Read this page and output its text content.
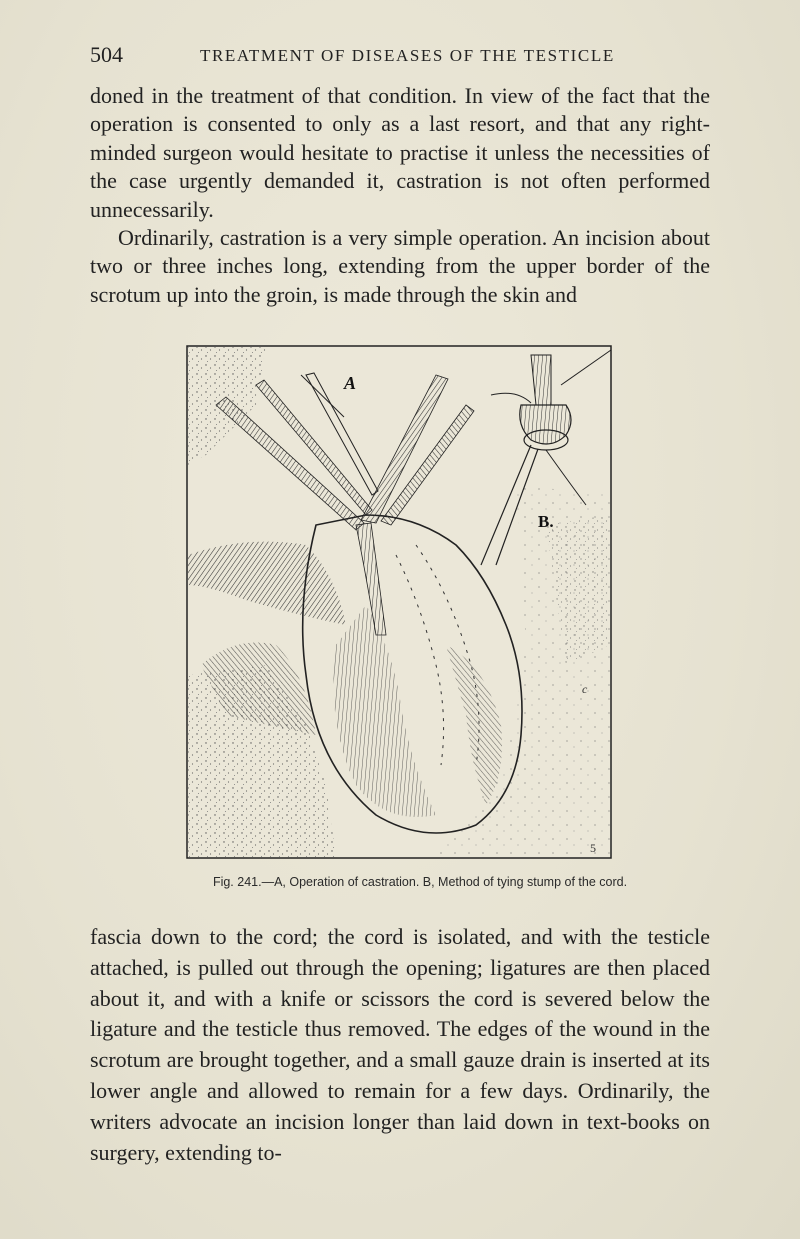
504	TREATMENT OF DISEASES OF THE TESTICLE

doned in the treatment of that condition. In view of the fact that the operation is consented to only as a last resort, and that any right-minded surgeon would hesitate to practise it unless the necessities of the case urgently demanded it, castration is not often performed unnecessarily.

Ordinarily, castration is a very simple operation. An incision about two or three inches long, extending from the upper border of the scrotum up into the groin, is made through the skin and

A
B.
c
5
Fig. 241.—A, Operation of castration. B, Method of tying stump of the cord.

fascia down to the cord; the cord is isolated, and with the testicle attached, is pulled out through the opening; ligatures are then placed about it, and with a knife or scissors the cord is severed below the ligature and the testicle thus removed. The edges of the wound in the scrotum are brought together, and a small gauze drain is inserted at its lower angle and allowed to remain for a few days. Ordinarily, the writers advocate an incision longer than laid down in text-books on surgery, extending to-
